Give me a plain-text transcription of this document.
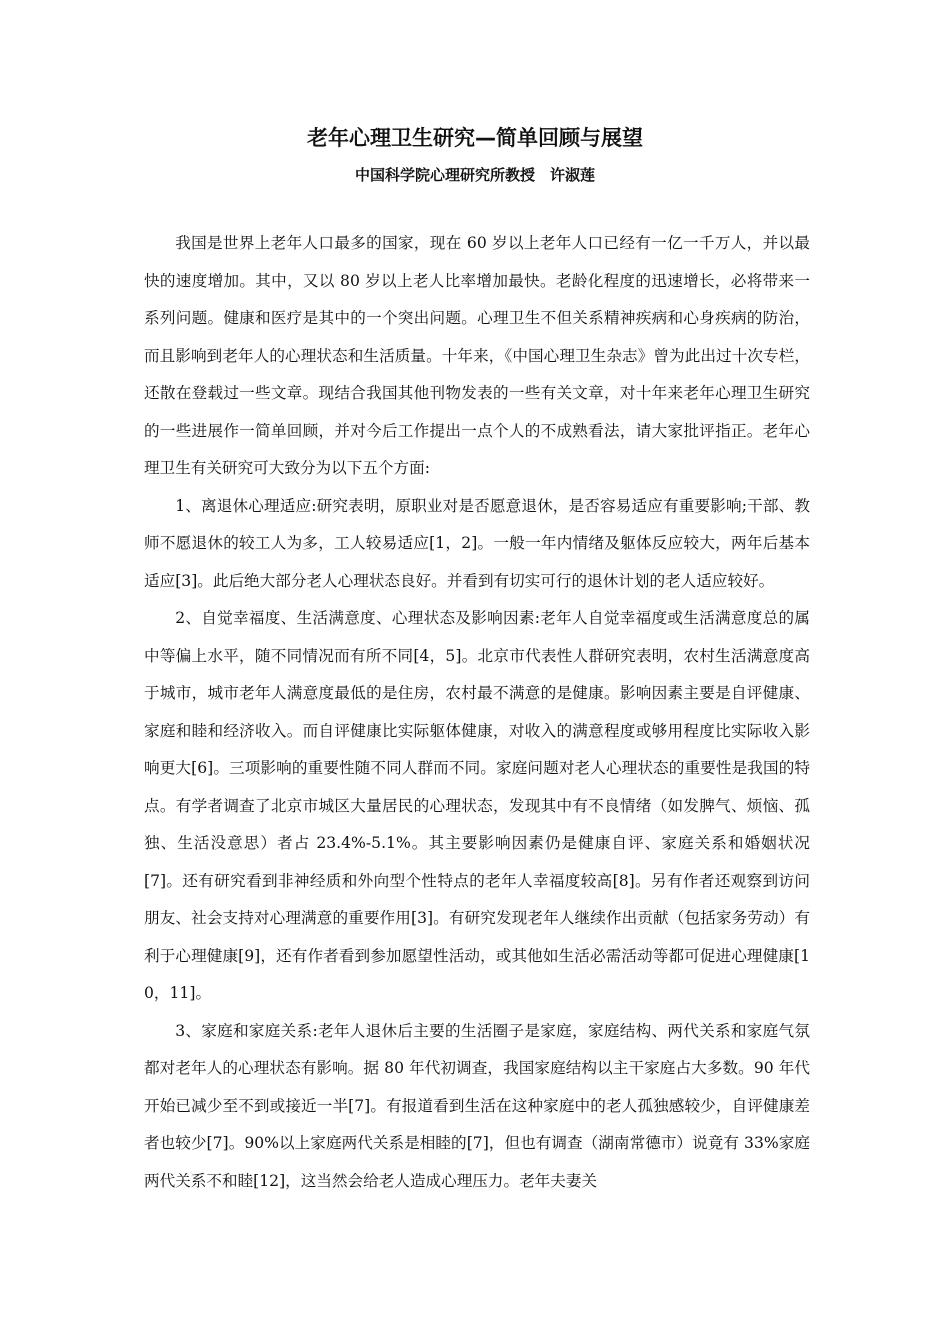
老年心理卫生研究—简单回顾与展望
中国科学院心理研究所教授　许淑莲

我国是世界上老年人口最多的国家，现在 60 岁以上老年人口已经有一亿一千万人，并以最快的速度增加。其中，又以 80 岁以上老人比率增加最快。老龄化程度的迅速增长，必将带来一系列问题。健康和医疗是其中的一个突出问题。心理卫生不但关系精神疾病和心身疾病的防治，而且影响到老年人的心理状态和生活质量。十年来，《中国心理卫生杂志》曾为此出过十次专栏，还散在登载过一些文章。现结合我国其他刊物发表的一些有关文章，对十年来老年心理卫生研究的一些进展作一简单回顾，并对今后工作提出一点个人的不成熟看法，请大家批评指正。老年心理卫生有关研究可大致分为以下五个方面:

1、离退休心理适应:研究表明，原职业对是否愿意退休，是否容易适应有重要影响;干部、教师不愿退休的较工人为多，工人较易适应[1，2]。一般一年内情绪及躯体反应较大，两年后基本适应[3]。此后绝大部分老人心理状态良好。并看到有切实可行的退休计划的老人适应较好。

2、自觉幸福度、生活满意度、心理状态及影响因素:老年人自觉幸福度或生活满意度总的属中等偏上水平，随不同情况而有所不同[4，5]。北京市代表性人群研究表明，农村生活满意度高于城市，城市老年人满意度最低的是住房，农村最不满意的是健康。影响因素主要是自评健康、家庭和睦和经济收入。而自评健康比实际躯体健康，对收入的满意程度或够用程度比实际收入影响更大[6]。三项影响的重要性随不同人群而不同。家庭问题对老人心理状态的重要性是我国的特点。有学者调查了北京市城区大量居民的心理状态，发现其中有不良情绪（如发脾气、烦恼、孤独、生活没意思）者占 23.4%-5.1%。其主要影响因素仍是健康自评、家庭关系和婚姻状况[7]。还有研究看到非神经质和外向型个性特点的老年人幸福度较高[8]。另有作者还观察到访问朋友、社会支持对心理满意的重要作用[3]。有研究发现老年人继续作出贡献（包括家务劳动）有利于心理健康[9]，还有作者看到参加愿望性活动，或其他如生活必需活动等都可促进心理健康[10，11]。

3、家庭和家庭关系:老年人退休后主要的生活圈子是家庭，家庭结构、两代关系和家庭气氛都对老年人的心理状态有影响。据 80 年代初调查，我国家庭结构以主干家庭占大多数。90 年代开始已减少至不到或接近一半[7]。有报道看到生活在这种家庭中的老人孤独感较少，自评健康差者也较少[7]。90%以上家庭两代关系是相睦的[7]，但也有调查（湖南常德市）说竟有 33%家庭两代关系不和睦[12]，这当然会给老人造成心理压力。老年夫妻关
